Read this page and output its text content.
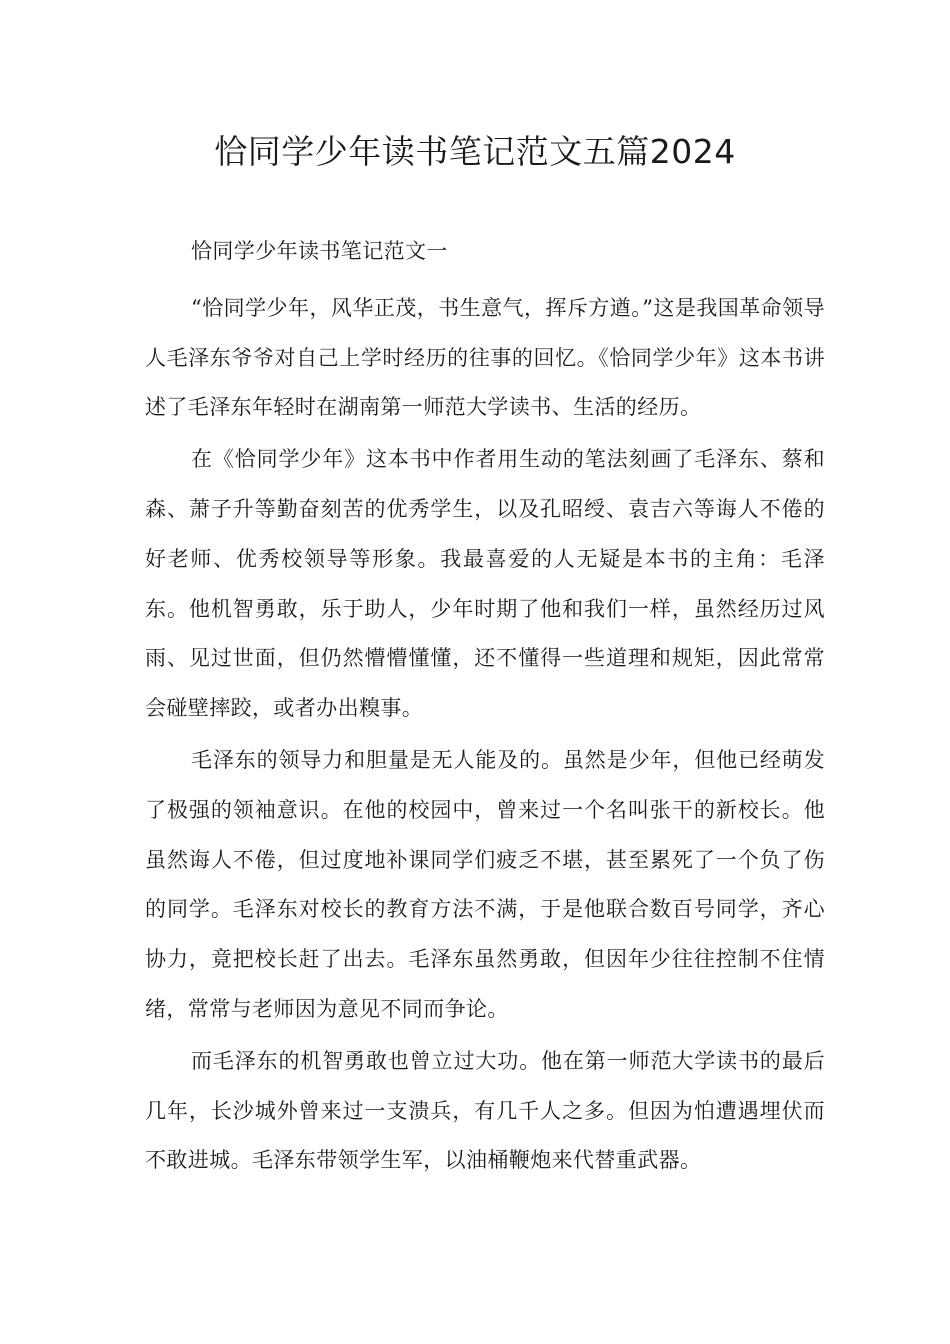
恰同学少年读书笔记范文五篇2024

恰同学少年读书笔记范文一

“恰同学少年，风华正茂，书生意气，挥斥方遒。”这是我国革命领导人毛泽东爷爷对自己上学时经历的往事的回忆。《恰同学少年》这本书讲述了毛泽东年轻时在湖南第一师范大学读书、生活的经历。

在《恰同学少年》这本书中作者用生动的笔法刻画了毛泽东、蔡和森、萧子升等勤奋刻苦的优秀学生，以及孔昭绶、袁吉六等诲人不倦的好老师、优秀校领导等形象。我最喜爱的人无疑是本书的主角：毛泽东。他机智勇敢，乐于助人，少年时期了他和我们一样，虽然经历过风雨、见过世面，但仍然懵懵懂懂，还不懂得一些道理和规矩，因此常常会碰壁摔跤，或者办出糗事。

毛泽东的领导力和胆量是无人能及的。虽然是少年，但他已经萌发了极强的领袖意识。在他的校园中，曾来过一个名叫张干的新校长。他虽然诲人不倦，但过度地补课同学们疲乏不堪，甚至累死了一个负了伤的同学。毛泽东对校长的教育方法不满，于是他联合数百号同学，齐心协力，竟把校长赶了出去。毛泽东虽然勇敢，但因年少往往控制不住情绪，常常与老师因为意见不同而争论。

而毛泽东的机智勇敢也曾立过大功。他在第一师范大学读书的最后几年，长沙城外曾来过一支溃兵，有几千人之多。但因为怕遭遇埋伏而不敢进城。毛泽东带领学生军，以油桶鞭炮来代替重武器。
